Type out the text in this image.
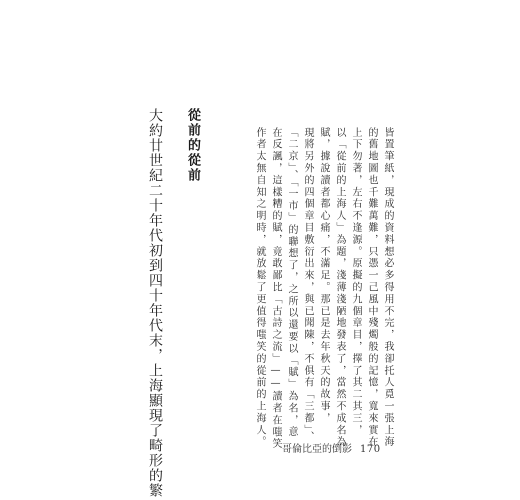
皆置筆紙，現成的資料想必多得用不完，我卻托人覓一張上海
的舊地圖也千難萬難，只憑一己風中殘燭般的記憶，寬來實在
上下勿著，左右不逢源。原擬的九個章目，擇了其二其三，
以「從前的上海人」為題，淺薄淺陋地發表了，當然不成名為
賦，據說讀者都心痛，不滿足。那已是去年秋天的故事，
現將另外的四個章目敷衍出來，與已聞陳，不俱有「三都」、
「二京」、「一市」的聯想了，之所以還要以「賦」為名，意
在反諷，這樣糟的賦，竟敢鄙比「古詩之流」——讀者在嗤笑
作者太無自知之明時，就放鬆了更值得嗤笑的從前的上海人。
從前的從前
大約廿世紀二十年代初到四十年代末，上海顯現了畸形的繁	哥倫比亞的倒影 170
